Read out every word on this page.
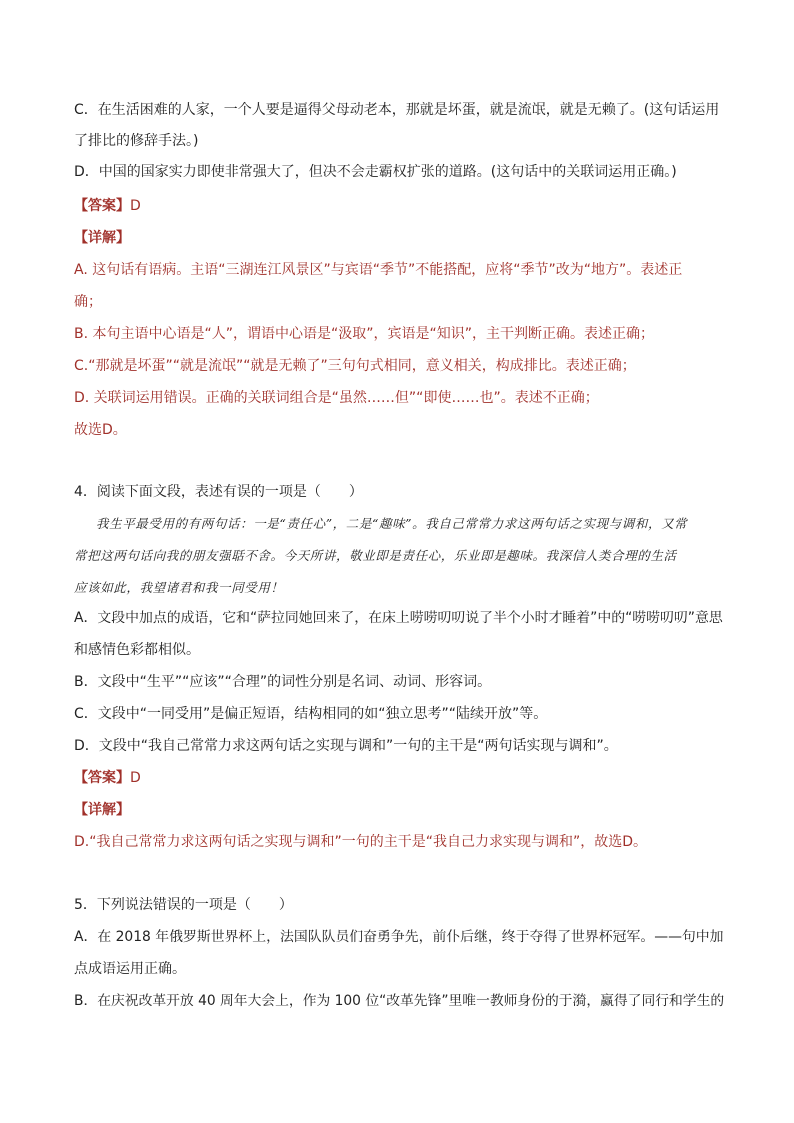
C．在生活困难的人家，一个人要是逼得父母动老本，那就是坏蛋，就是流氓，就是无赖了。(这句话运用

了排比的修辞手法。)

D．中国的国家实力即使非常强大了，但决不会走霸权扩张的道路。(这句话中的关联词运用正确。)

【答案】D

【详解】

A. 这句话有语病。主语“三湖连江风景区”与宾语“季节”不能搭配，应将“季节”改为“地方”。表述正

确；

B. 本句主语中心语是“人”，谓语中心语是“汲取”，宾语是“知识”，主干判断正确。表述正确；

C.“那就是坏蛋”“就是流氓”“就是无赖了”三句句式相同，意义相关，构成排比。表述正确；

D. 关联词运用错误。正确的关联词组合是“虽然……但”“即使……也”。表述不正确；

故选D。

4．阅读下面文段，表述有误的一项是（　　）

我生平最受用的有两句话：一是“责任心”，二是“趣味”。我自己常常力求这两句话之实现与调和，又常

常把这两句话向我的朋友强聒不舍。今天所讲，敬业即是责任心，乐业即是趣味。我深信人类合理的生活

应该如此，我望诸君和我一同受用！

A．文段中加点的成语，它和“萨拉同她回来了，在床上唠唠叨叨说了半个小时才睡着”中的“唠唠叨叨”意思

和感情色彩都相似。

B．文段中“生平”“应该”“合理”的词性分别是名词、动词、形容词。

C．文段中“一同受用”是偏正短语，结构相同的如“独立思考”“陆续开放”等。

D．文段中“我自己常常力求这两句话之实现与调和”一句的主干是“两句话实现与调和”。

【答案】D

【详解】

D.“我自己常常力求这两句话之实现与调和”一句的主干是“我自己力求实现与调和”，故选D。

5．下列说法错误的一项是（　　）

A．在 2018 年俄罗斯世界杯上，法国队队员们奋勇争先，前仆后继，终于夺得了世界杯冠军。——句中加

点成语运用正确。

B．在庆祝改革开放 40 周年大会上，作为 100 位“改革先锋”里唯一教师身份的于漪，赢得了同行和学生的
